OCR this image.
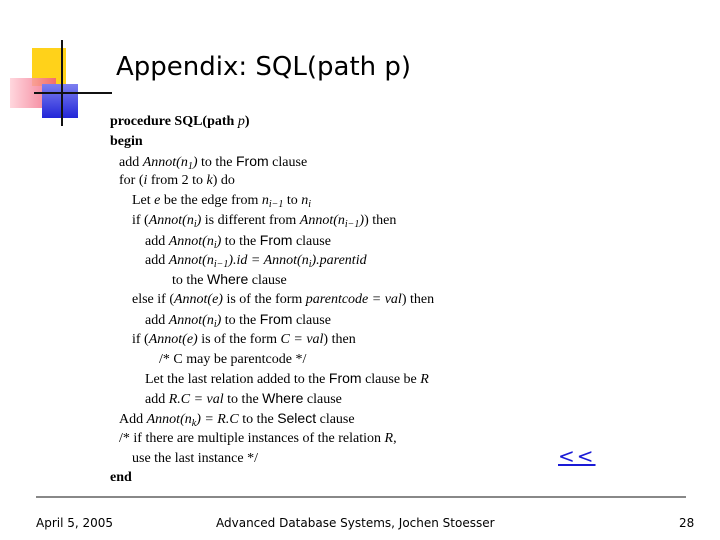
Appendix: SQL(path p)
procedure SQL(path p)
begin
add $Annot(n_1)$ to the From clause
for (i from 2 to k) do
Let e be the edge from $n_{i-1}$ to $n_i$
if ($Annot(n_i)$ is different from $Annot(n_{i-1})$) then
add $Annot(n_i)$ to the From clause
add $Annot(n_{i-1}).id$ = $Annot(n_i).parentid$
to the Where clause
else if (Annot(e) is of the form parentcode = val) then
add $Annot(n_i)$ to the From clause
if (Annot(e) is of the form C = val) then
/* C may be parentcode */
Let the last relation added to the From clause be R
add R.C = val to the Where clause
Add $Annot(n_k) = R.C$ to the Select clause
/* if there are multiple instances of the relation R,
use the last instance */
end
<<
April 5, 2005	Advanced Database Systems, Jochen Stoesser	28
